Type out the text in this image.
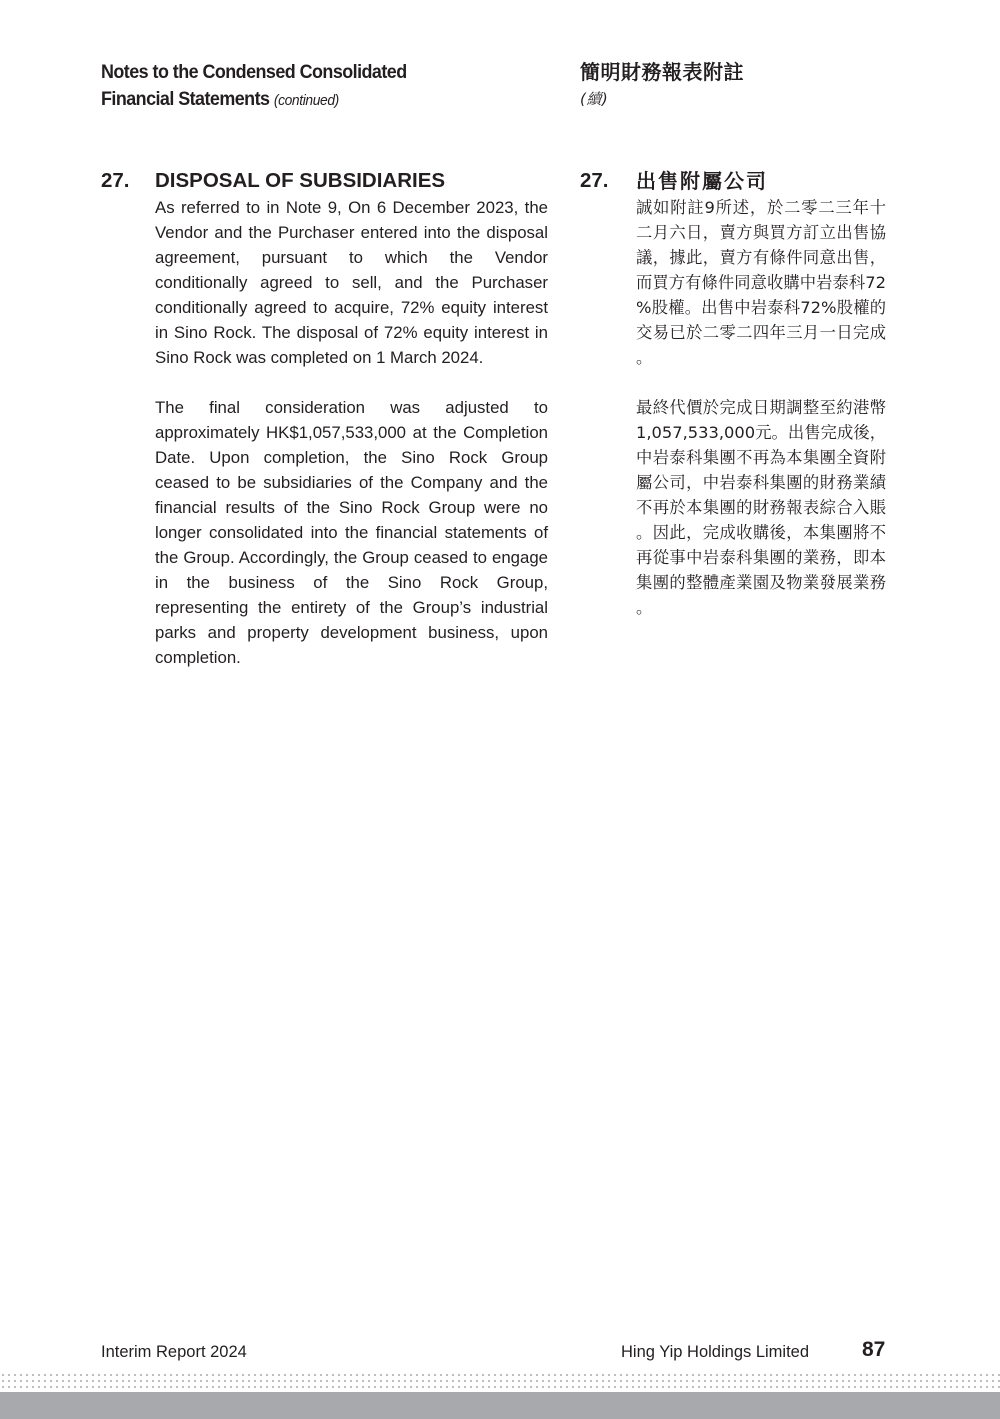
Notes to the Condensed Consolidated
Financial Statements (continued)
簡明財務報表附註
(續)
27. DISPOSAL OF SUBSIDIARIES	27. 出售附屬公司

As referred to in Note 9, On 6 December 2023, the Vendor and the Purchaser entered into the disposal agreement, pursuant to which the Vendor conditionally agreed to sell, and the Purchaser conditionally agreed to acquire, 72% equity interest in Sino Rock. The disposal of 72% equity interest in Sino Rock was completed on 1 March 2024.

The final consideration was adjusted to approximately HK$1,057,533,000 at the Completion Date. Upon completion, the Sino Rock Group ceased to be subsidiaries of the Company and the financial results of the Sino Rock Group were no longer consolidated into the financial statements of the Group. Accordingly, the Group ceased to engage in the business of the Sino Rock Group, representing the entirety of the Group’s industrial parks and property development business, upon completion.

誠如附註9所述，於二零二三年十二月六日，賣方與買方訂立出售協議，據此，賣方有條件同意出售，而買方有條件同意收購中岩泰科72%股權。出售中岩泰科72%股權的交易已於二零二四年三月一日完成。

最終代價於完成日期調整至約港幣1,057,533,000元。出售完成後，中岩泰科集團不再為本集團全資附屬公司，中岩泰科集團的財務業績不再於本集團的財務報表綜合入賬。因此，完成收購後，本集團將不再從事中岩泰科集團的業務，即本集團的整體產業園及物業發展業務。

Interim Report 2024	Hing Yip Holdings Limited	87
